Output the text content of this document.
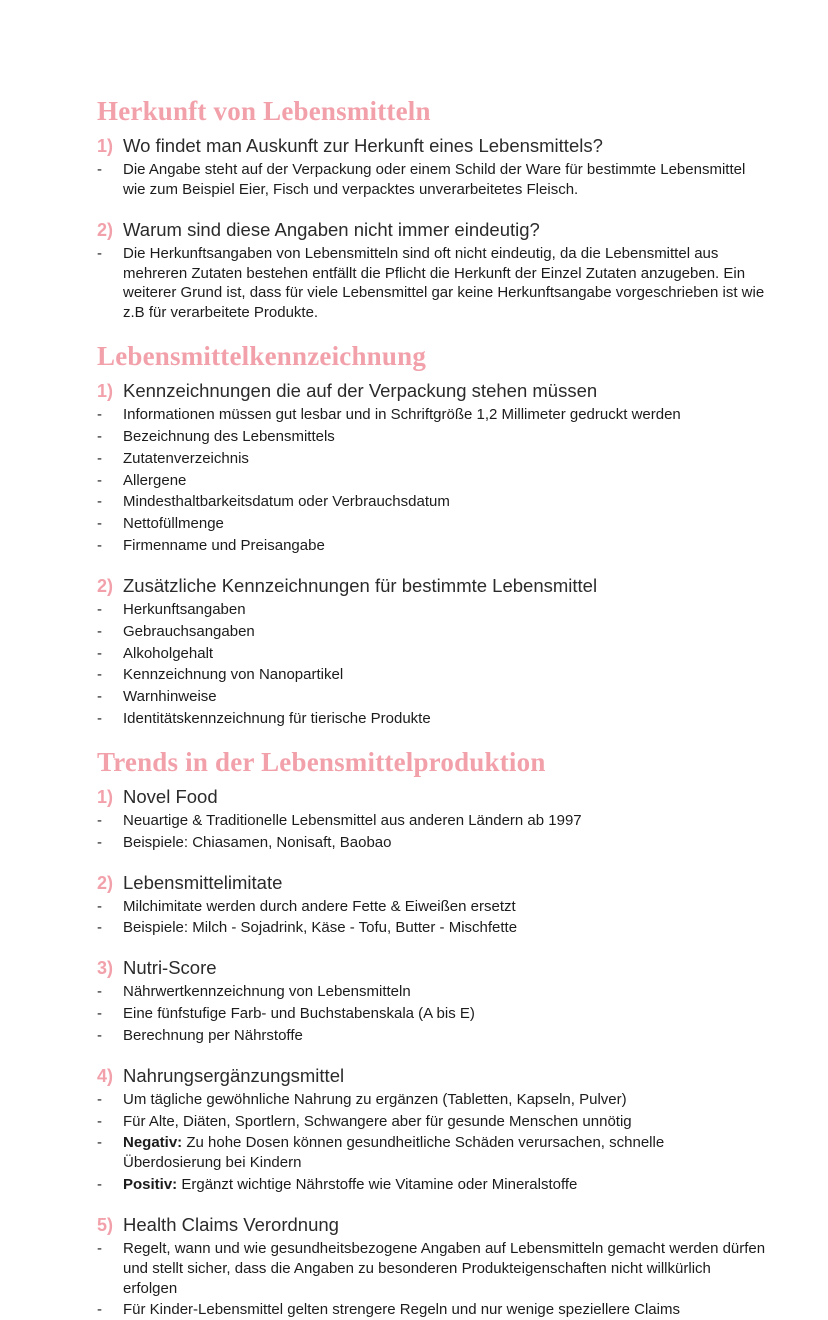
Herkunft von Lebensmitteln
1) Wo findet man Auskunft zur Herkunft eines Lebensmittels?
-	Die Angabe steht auf der Verpackung oder einem Schild der Ware für bestimmte Lebensmittel wie zum Beispiel Eier, Fisch und verpacktes unverarbeitetes Fleisch.
2) Warum sind diese Angaben nicht immer eindeutig?
-	Die Herkunftsangaben von Lebensmitteln sind oft nicht eindeutig, da die Lebensmittel aus mehreren Zutaten bestehen entfällt die Pflicht die Herkunft der Einzel Zutaten anzugeben. Ein weiterer Grund ist, dass für viele Lebensmittel gar keine Herkunftsangabe vorgeschrieben ist wie z.B für verarbeitete Produkte.
Lebensmittelkennzeichnung
1) Kennzeichnungen die auf der Verpackung stehen müssen
-	Informationen müssen gut lesbar und in Schriftgröße 1,2 Millimeter gedruckt werden
-	Bezeichnung des Lebensmittels
-	Zutatenverzeichnis
-	Allergene
-	Mindesthaltbarkeitsdatum oder Verbrauchsdatum
-	Nettofüllmenge
-	Firmenname und Preisangabe
2) Zusätzliche Kennzeichnungen für bestimmte Lebensmittel
-	Herkunftsangaben
-	Gebrauchsangaben
-	Alkoholgehalt
-	Kennzeichnung von Nanopartikel
-	Warnhinweise
-	Identitätskennzeichnung für tierische Produkte
Trends in der Lebensmittelproduktion
1) Novel Food
-	Neuartige & Traditionelle Lebensmittel aus anderen Ländern ab 1997
-	Beispiele: Chiasamen, Nonisaft, Baobao
2) Lebensmittelimitate
-	Milchimitate werden durch andere Fette & Eiweißen ersetzt
-	Beispiele: Milch - Sojadrink, Käse - Tofu, Butter - Mischfette
3) Nutri-Score
-	Nährwertkennzeichnung von Lebensmitteln
-	Eine fünfstufige Farb- und Buchstabenskala (A bis E)
-	Berechnung per Nährstoffe
4) Nahrungsergänzungsmittel
-	Um tägliche gewöhnliche Nahrung zu ergänzen (Tabletten, Kapseln, Pulver)
-	Für Alte, Diäten, Sportlern, Schwangere aber für gesunde Menschen unnötig
-	Negativ: Zu hohe Dosen können gesundheitliche Schäden verursachen, schnelle Überdosierung bei Kindern
-	Positiv: Ergänzt wichtige Nährstoffe wie Vitamine oder Mineralstoffe
5) Health Claims Verordnung
-	Regelt, wann und wie gesundheitsbezogene Angaben auf Lebensmitteln gemacht werden dürfen und stellt sicher, dass die Angaben zu besonderen Produkteigenschaften nicht willkürlich erfolgen
-	Für Kinder-Lebensmittel gelten strengere Regeln und nur wenige speziellere Claims
